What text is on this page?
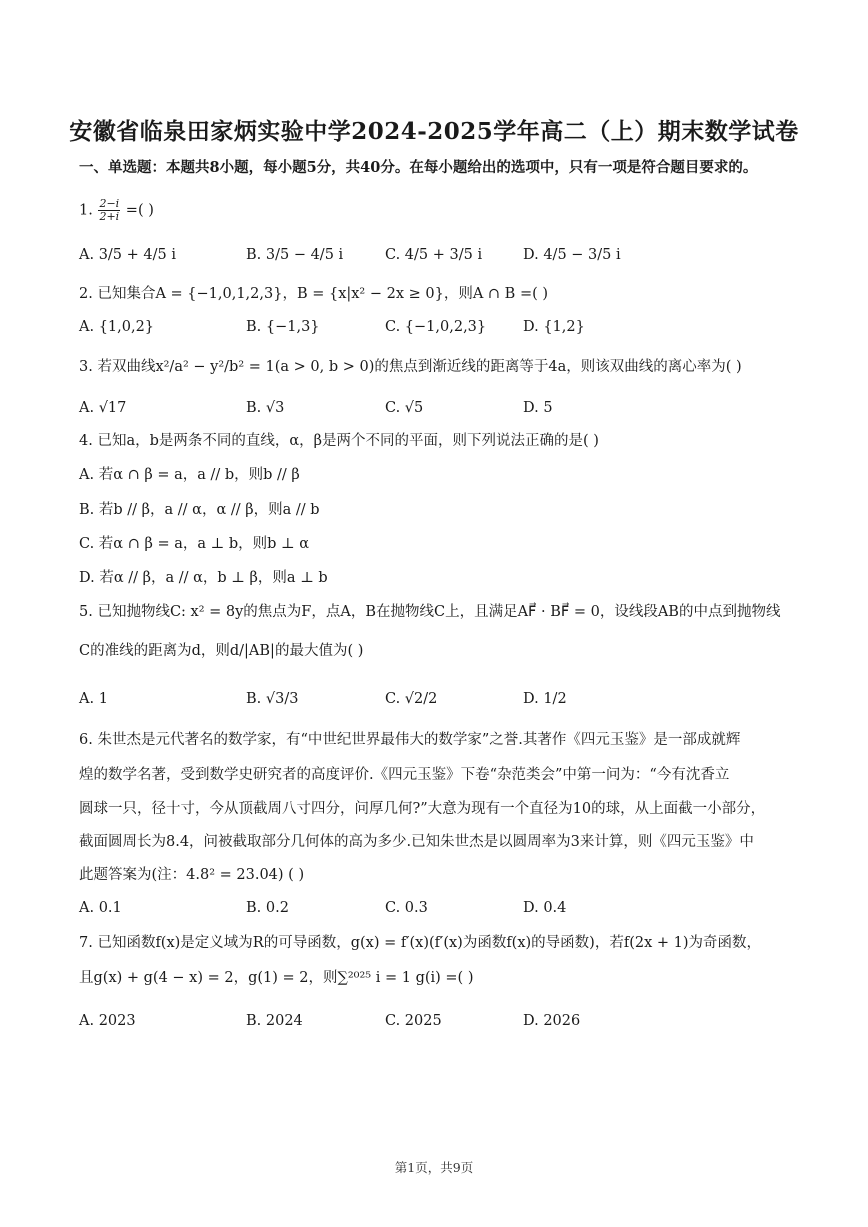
安徽省临泉田家炳实验中学2024-2025学年高二（上）期末数学试卷
一、单选题：本题共8小题，每小题5分，共40分。在每小题给出的选项中，只有一项是符合题目要求的。
1. $\frac{2-i}{2+i}$ =( )
A. 3/5 + 4/5 i	B. 3/5 − 4/5 i	C. 4/5 + 3/5 i	D. 4/5 − 3/5 i
2. 已知集合A = {−1,0,1,2,3}，B = {x|x² − 2x ≥ 0}，则A ∩ B =( )
A. {1,0,2}	B. {−1,3}	C. {−1,0,2,3}	D. {1,2}
3. 若双曲线x²/a² − y²/b² = 1(a > 0, b > 0)的焦点到渐近线的距离等于4a，则该双曲线的离心率为( )
A. √17	B. √3	C. √5	D. 5
4. 已知a，b是两条不同的直线，α，β是两个不同的平面，则下列说法正确的是( )
A. 若α ∩ β = a，a // b，则b // β
B. 若b // β，a // α，α // β，则a // b
C. 若α ∩ β = a，a ⊥ b，则b ⊥ α
D. 若α // β，a // α，b ⊥ β，则a ⊥ b
5. 已知抛物线C: x² = 8y的焦点为F，点A，B在抛物线C上，且满足AF⃗ · BF⃗ = 0，设线段AB的中点到抛物线
C的准线的距离为d，则d/|AB|的最大值为( )
A. 1	B. √3/3	C. √2/2	D. 1/2
6. 朱世杰是元代著名的数学家，有“中世纪世界最伟大的数学家”之誉.其著作《四元玉鉴》是一部成就辉
煌的数学名著，受到数学史研究者的高度评价.《四元玉鉴》下卷“杂范类会”中第一问为：“今有沈香立
圆球一只，径十寸，今从顶截周八寸四分，问厚几何?”大意为现有一个直径为10的球，从上面截一小部分，
截面圆周长为8.4，问被截取部分几何体的高为多少.已知朱世杰是以圆周率为3来计算，则《四元玉鉴》中
此题答案为(注：4.8² = 23.04) ( )
A. 0.1	B. 0.2	C. 0.3	D. 0.4
7. 已知函数f(x)是定义域为R的可导函数，g(x) = f′(x)(f′(x)为函数f(x)的导函数)，若f(2x + 1)为奇函数，
且g(x) + g(4 − x) = 2，g(1) = 2，则∑²⁰²⁵ i = 1 g(i) =( )
A. 2023	B. 2024	C. 2025	D. 2026
第1页，共9页
